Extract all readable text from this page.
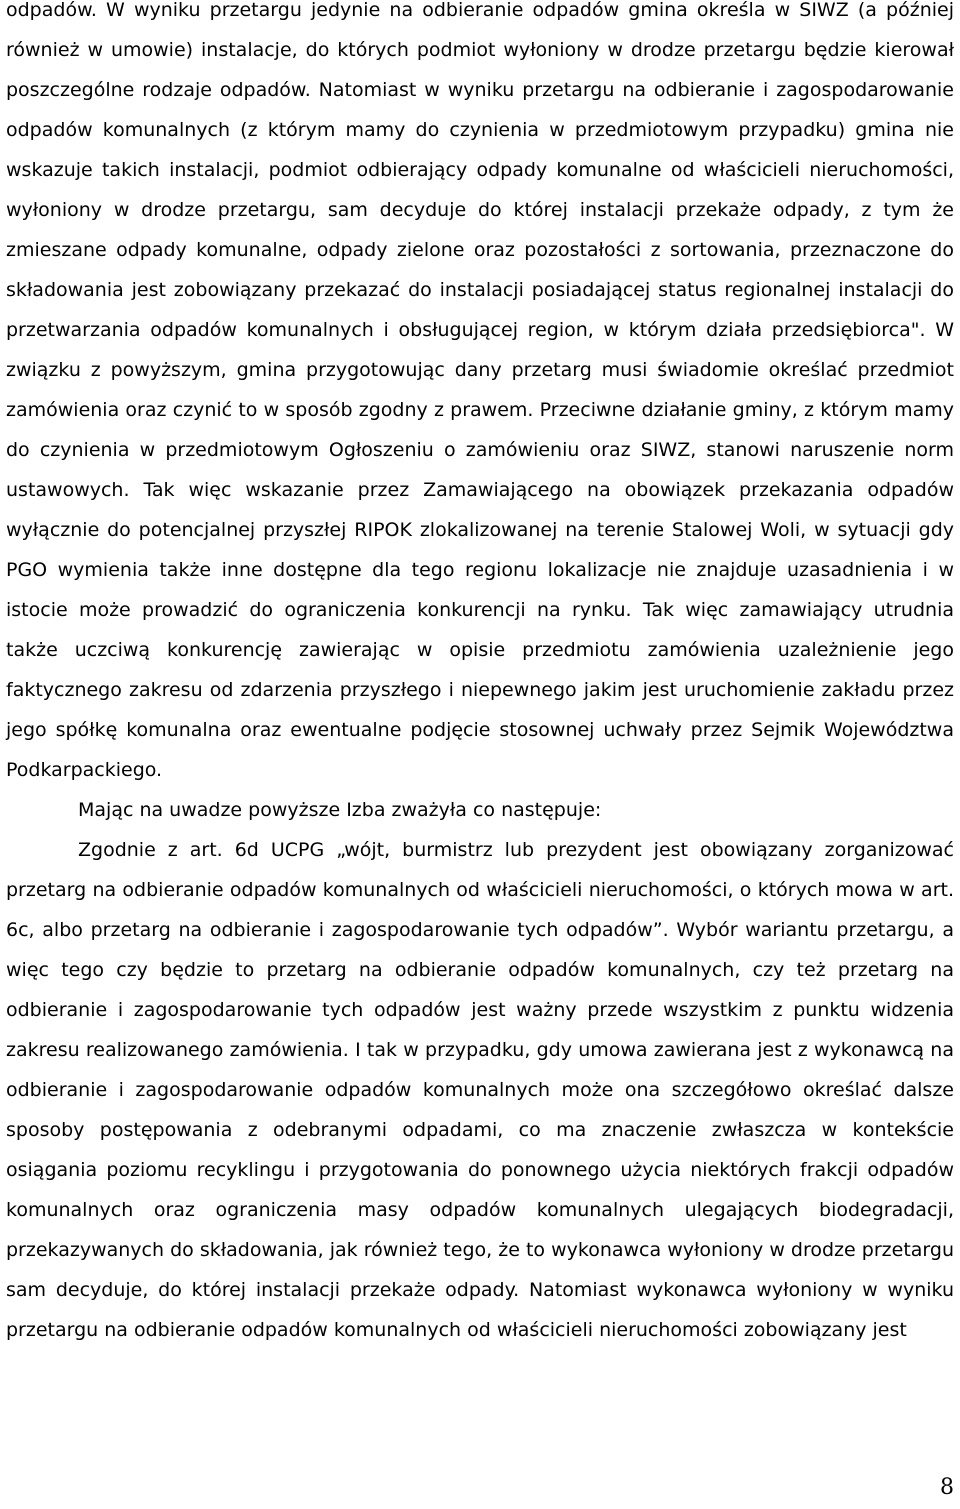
odpadów. W wyniku przetargu jedynie na odbieranie odpadów gmina określa w SIWZ (a później również w umowie) instalacje, do których podmiot wyłoniony w drodze przetargu będzie kierował poszczególne rodzaje odpadów. Natomiast w wyniku przetargu na odbieranie i zagospodarowanie odpadów komunalnych (z którym mamy do czynienia w przedmiotowym przypadku) gmina nie wskazuje takich instalacji, podmiot odbierający odpady komunalne od właścicieli nieruchomości, wyłoniony w drodze przetargu, sam decyduje do której instalacji przekaże odpady, z tym że zmieszane odpady komunalne, odpady zielone oraz pozostałości z sortowania, przeznaczone do składowania jest zobowiązany przekazać do instalacji posiadającej status regionalnej instalacji do przetwarzania odpadów komunalnych i obsługującej region, w którym działa przedsiębiorca". W związku z powyższym, gmina przygotowując dany przetarg musi świadomie określać przedmiot zamówienia oraz czynić to w sposób zgodny z prawem. Przeciwne działanie gminy, z którym mamy do czynienia w przedmiotowym Ogłoszeniu o zamówieniu oraz SIWZ, stanowi naruszenie norm ustawowych. Tak więc wskazanie przez Zamawiającego na obowiązek przekazania odpadów wyłącznie do potencjalnej przyszłej RIPOK zlokalizowanej na terenie Stalowej Woli, w sytuacji gdy PGO wymienia także inne dostępne dla tego regionu lokalizacje nie znajduje uzasadnienia i w istocie może prowadzić do ograniczenia konkurencji na rynku. Tak więc zamawiający utrudnia także uczciwą konkurencję zawierając w opisie przedmiotu zamówienia uzależnienie jego faktycznego zakresu od zdarzenia przyszłego i niepewnego jakim jest uruchomienie zakładu przez jego spółkę komunalna oraz ewentualne podjęcie stosownej uchwały przez Sejmik Województwa Podkarpackiego.

Mając na uwadze powyższe Izba zważyła co następuje:

Zgodnie z art. 6d UCPG „wójt, burmistrz lub prezydent jest obowiązany zorganizować przetarg na odbieranie odpadów komunalnych od właścicieli nieruchomości, o których mowa w art. 6c, albo przetarg na odbieranie i zagospodarowanie tych odpadów”. Wybór wariantu przetargu, a więc tego czy będzie to przetarg na odbieranie odpadów komunalnych, czy też przetarg na odbieranie i zagospodarowanie tych odpadów jest ważny przede wszystkim z punktu widzenia zakresu realizowanego zamówienia. I tak w przypadku, gdy umowa zawierana jest z wykonawcą na odbieranie i zagospodarowanie odpadów komunalnych może ona szczegółowo określać dalsze sposoby postępowania z odebranymi odpadami, co ma znaczenie zwłaszcza w kontekście osiągania poziomu recyklingu i przygotowania do ponownego użycia niektórych frakcji odpadów komunalnych oraz ograniczenia masy odpadów komunalnych ulegających biodegradacji, przekazywanych do składowania, jak również tego, że to wykonawca wyłoniony w drodze przetargu sam decyduje, do której instalacji przekaże odpady. Natomiast wykonawca wyłoniony w wyniku przetargu na odbieranie odpadów komunalnych od właścicieli nieruchomości zobowiązany jest

8
